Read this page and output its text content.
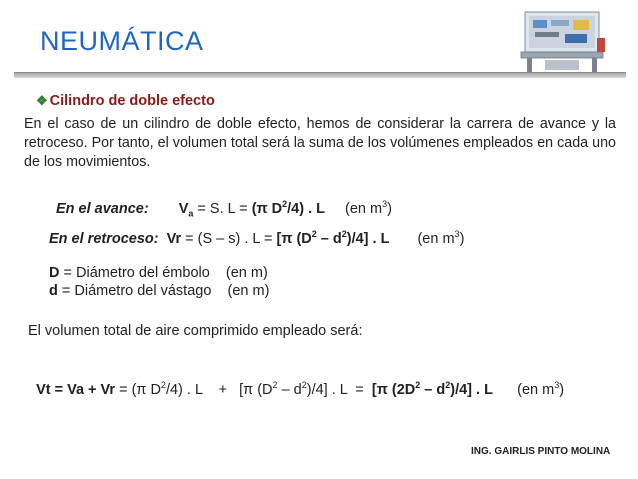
NEUMÁTICA
❖ Cilindro de doble efecto
En el caso de un cilindro de doble efecto, hemos de considerar la carrera de avance y la retroceso. Por tanto, el volumen total será la suma de los volúmenes empleados en cada uno de los movimientos.
En el avance: $V_a = S$. L = (π $D^2/4$) . L (en $m^3$)
En el retroceso: Vr = (S – s) . L = [π $(D^2 - d^2)/4$] . L (en $m^3$)
D = Diámetro del émbolo    (en m)
d = Diámetro del vástago    (en m)
El volumen total de aire comprimido empleado será:

Vt = Va + Vr = (π $D^2/4$) . L    +   [π $(D^2 - d^2)/4$] . L  =  [π $(2D^2 - d^2)/4$] . L (en $m^3$)

ING. GAIRLIS PINTO MOLINA
